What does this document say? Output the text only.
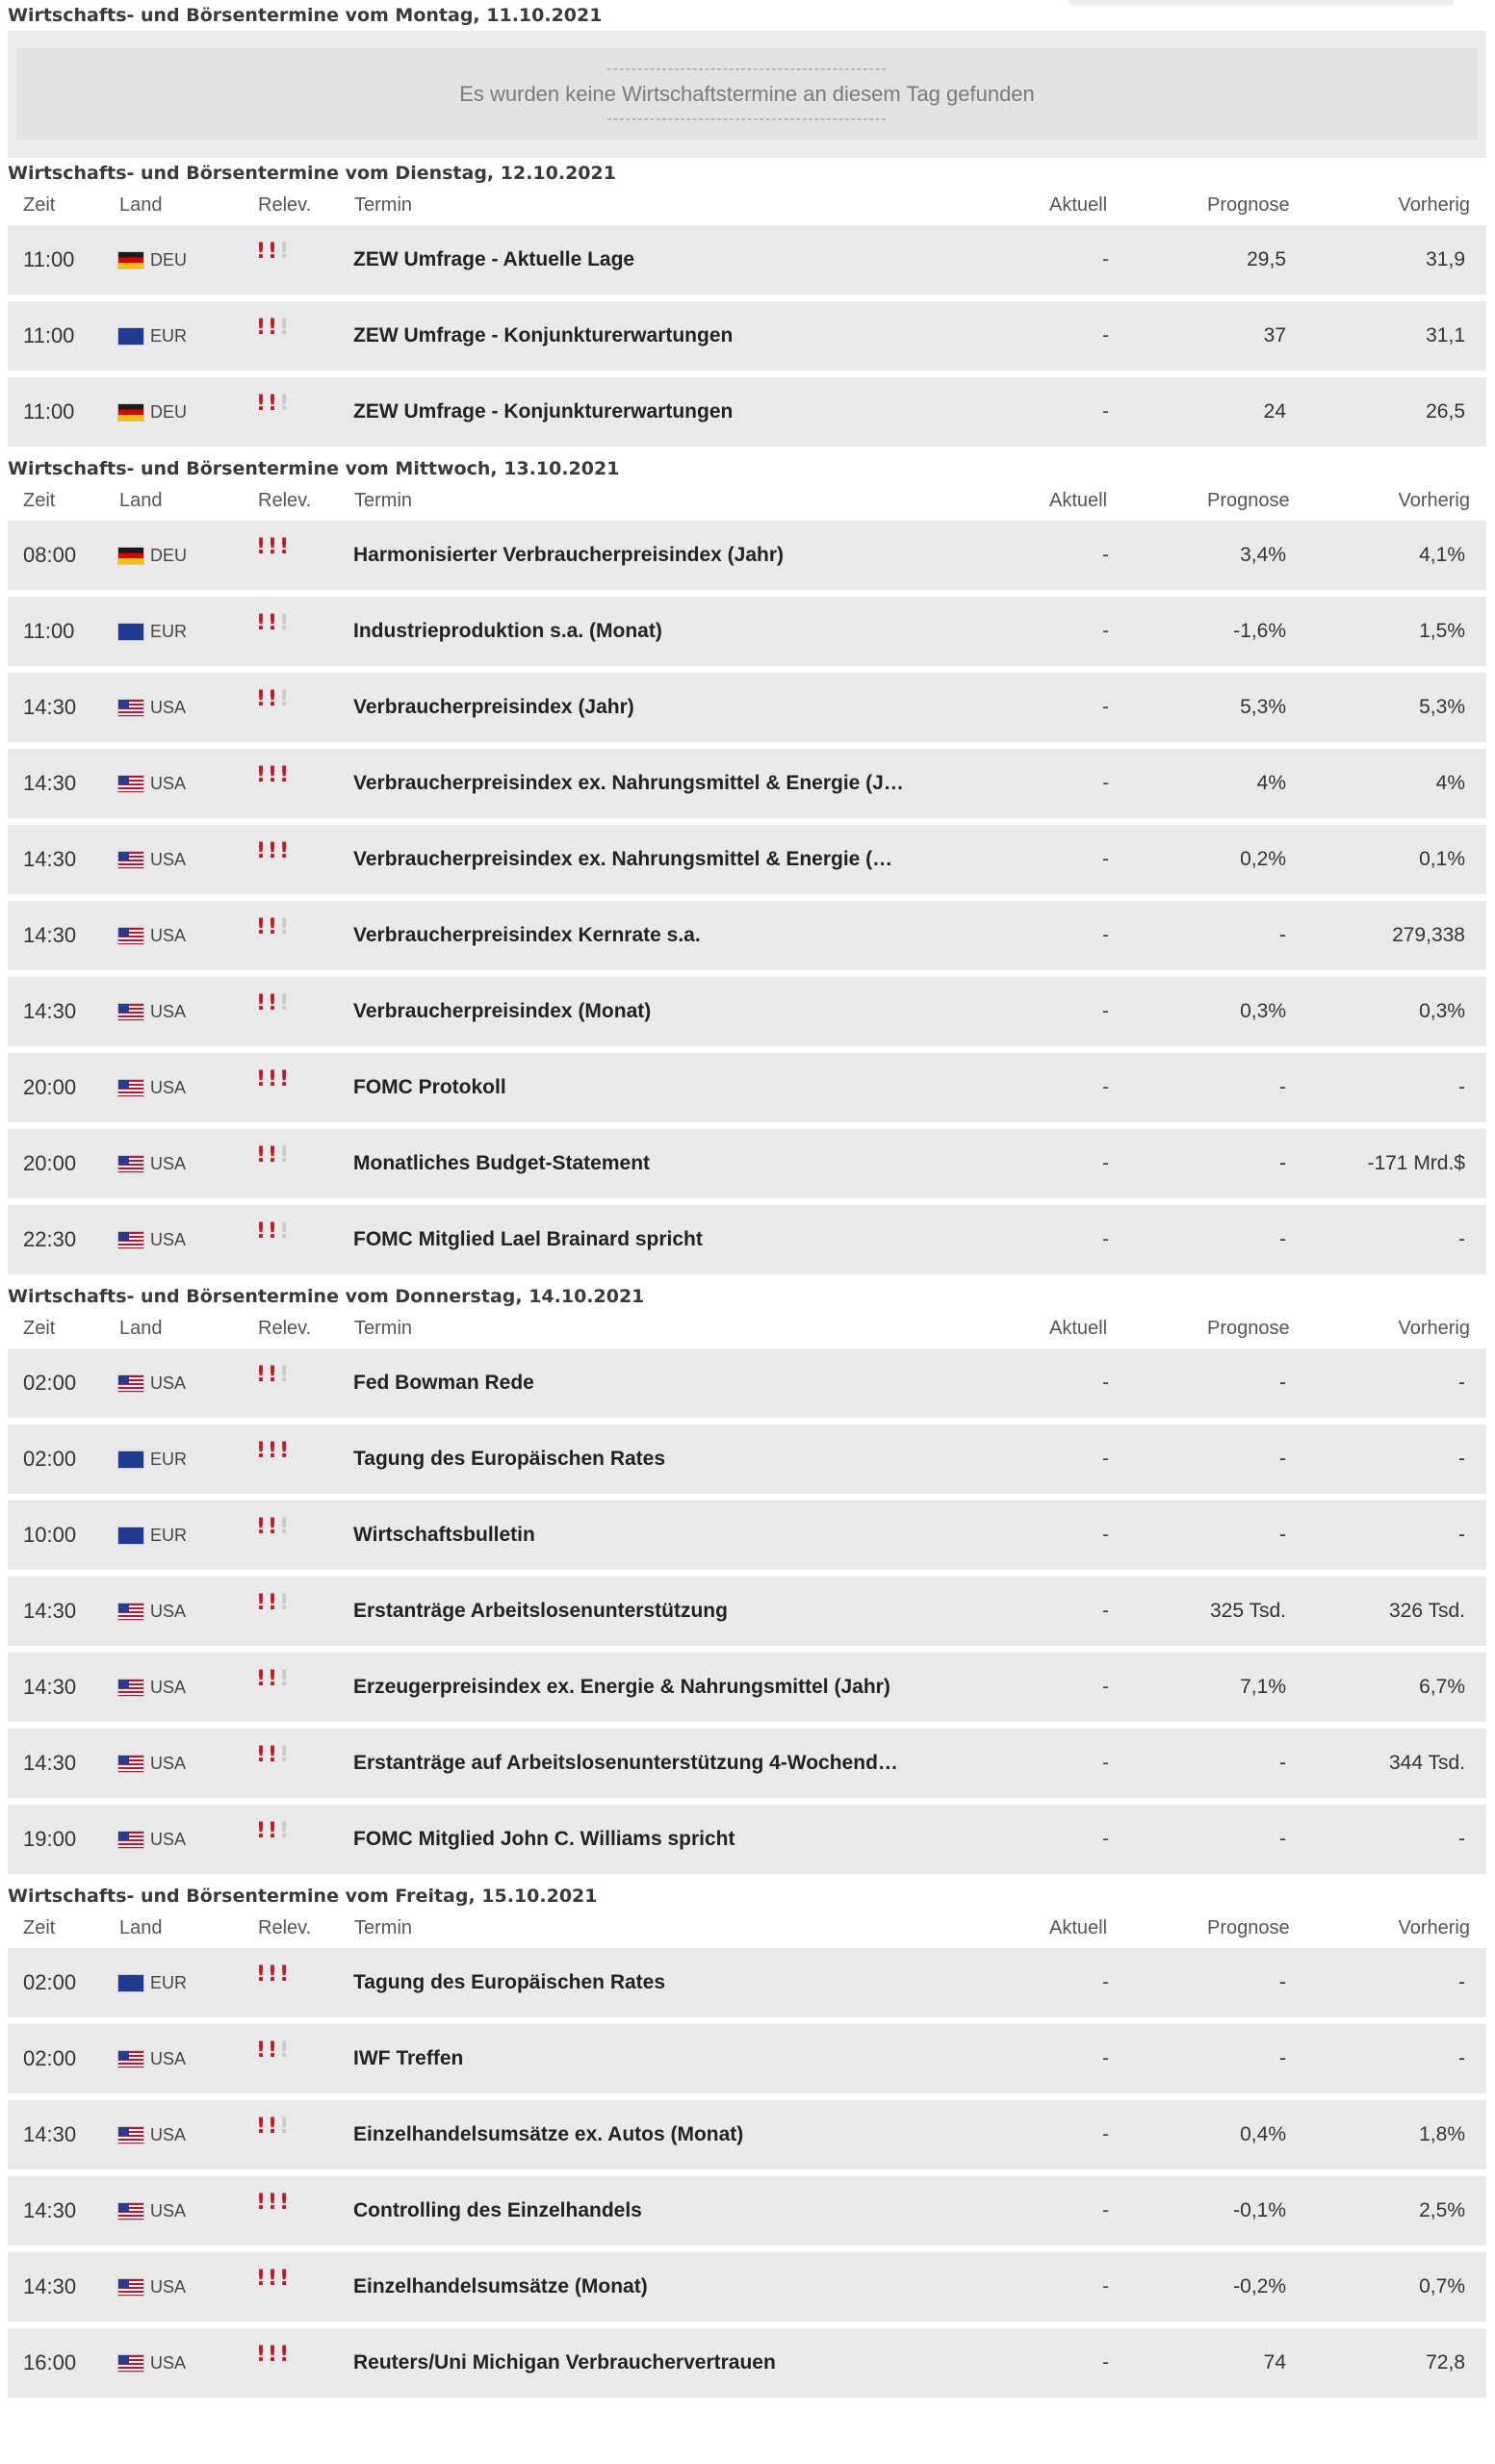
Wirtschafts- und Börsentermine vom Montag, 11.10.2021
----------------------------------------------
Es wurden keine Wirtschaftstermine an diesem Tag gefunden
----------------------------------------------
Wirtschafts- und Börsentermine vom Dienstag, 12.10.2021
Zeit	Land	Relev. Termin	Aktuell	Prognose	Vorherig
11:00	DEU	! ! !	ZEW Umfrage - Aktuelle Lage	-	29,5	31,9
11:00 ★	EUR	! ! !	ZEW Umfrage - Konjunkturerwartungen	-	37	31,1
11:00	DEU	! ! !	ZEW Umfrage - Konjunkturerwartungen	-	24	26,5
Wirtschafts- und Börsentermine vom Mittwoch, 13.10.2021
Zeit	Land	Relev. Termin	Aktuell	Prognose	Vorherig
08:00	DEU	! ! !	Harmonisierter Verbraucherpreisindex (Jahr)	-	3,4%	4,1%
11:00 ★	EUR	! ! !	Industrieproduktion s.a. (Monat)	-	-1,6%	1,5%
14:30	USA	! ! !	Verbraucherpreisindex (Jahr)	-	5,3%	5,3%
14:30	USA	! ! !	Verbraucherpreisindex ex. Nahrungsmittel & Energie (J…	-	4%	4%
14:30	USA	! ! !	Verbraucherpreisindex ex. Nahrungsmittel & Energie (…	-	0,2%	0,1%
14:30	USA	! ! !	Verbraucherpreisindex Kernrate s.a.	-	-	279,338
14:30	USA	! ! !	Verbraucherpreisindex (Monat)	-	0,3%	0,3%
20:00	USA	! ! !	FOMC Protokoll	-	-	-
20:00	USA	! ! !	Monatliches Budget-Statement	-	-	-171 Mrd.$
22:30	USA	! ! !	FOMC Mitglied Lael Brainard spricht	-	-	-
Wirtschafts- und Börsentermine vom Donnerstag, 14.10.2021
Zeit	Land	Relev. Termin	Aktuell	Prognose	Vorherig
02:00	USA	! ! !	Fed Bowman Rede	-	-	-
02:00 ★	EUR	! ! !	Tagung des Europäischen Rates	-	-	-
10:00 ★	EUR	! ! !	Wirtschaftsbulletin	-	-	-
14:30	USA	! ! !	Erstanträge Arbeitslosenunterstützung	-	325 Tsd.	326 Tsd.
14:30	USA	! ! !	Erzeugerpreisindex ex. Energie & Nahrungsmittel (Jahr)	-	7,1%	6,7%
14:30	USA	! ! !	Erstanträge auf Arbeitslosenunterstützung 4-Wochend…	-	-	344 Tsd.
19:00	USA	! ! !	FOMC Mitglied John C. Williams spricht	-	-	-
Wirtschafts- und Börsentermine vom Freitag, 15.10.2021
Zeit	Land	Relev. Termin	Aktuell	Prognose	Vorherig
02:00 ★	EUR	! ! !	Tagung des Europäischen Rates	-	-	-
02:00	USA	! ! !	IWF Treffen	-	-	-
14:30	USA	! ! !	Einzelhandelsumsätze ex. Autos (Monat)	-	0,4%	1,8%
14:30	USA	! ! !	Controlling des Einzelhandels	-	-0,1%	2,5%
14:30	USA	! ! !	Einzelhandelsumsätze (Monat)	-	-0,2%	0,7%
16:00	USA	! ! !	Reuters/Uni Michigan Verbrauchervertrauen	-	74	72,8
